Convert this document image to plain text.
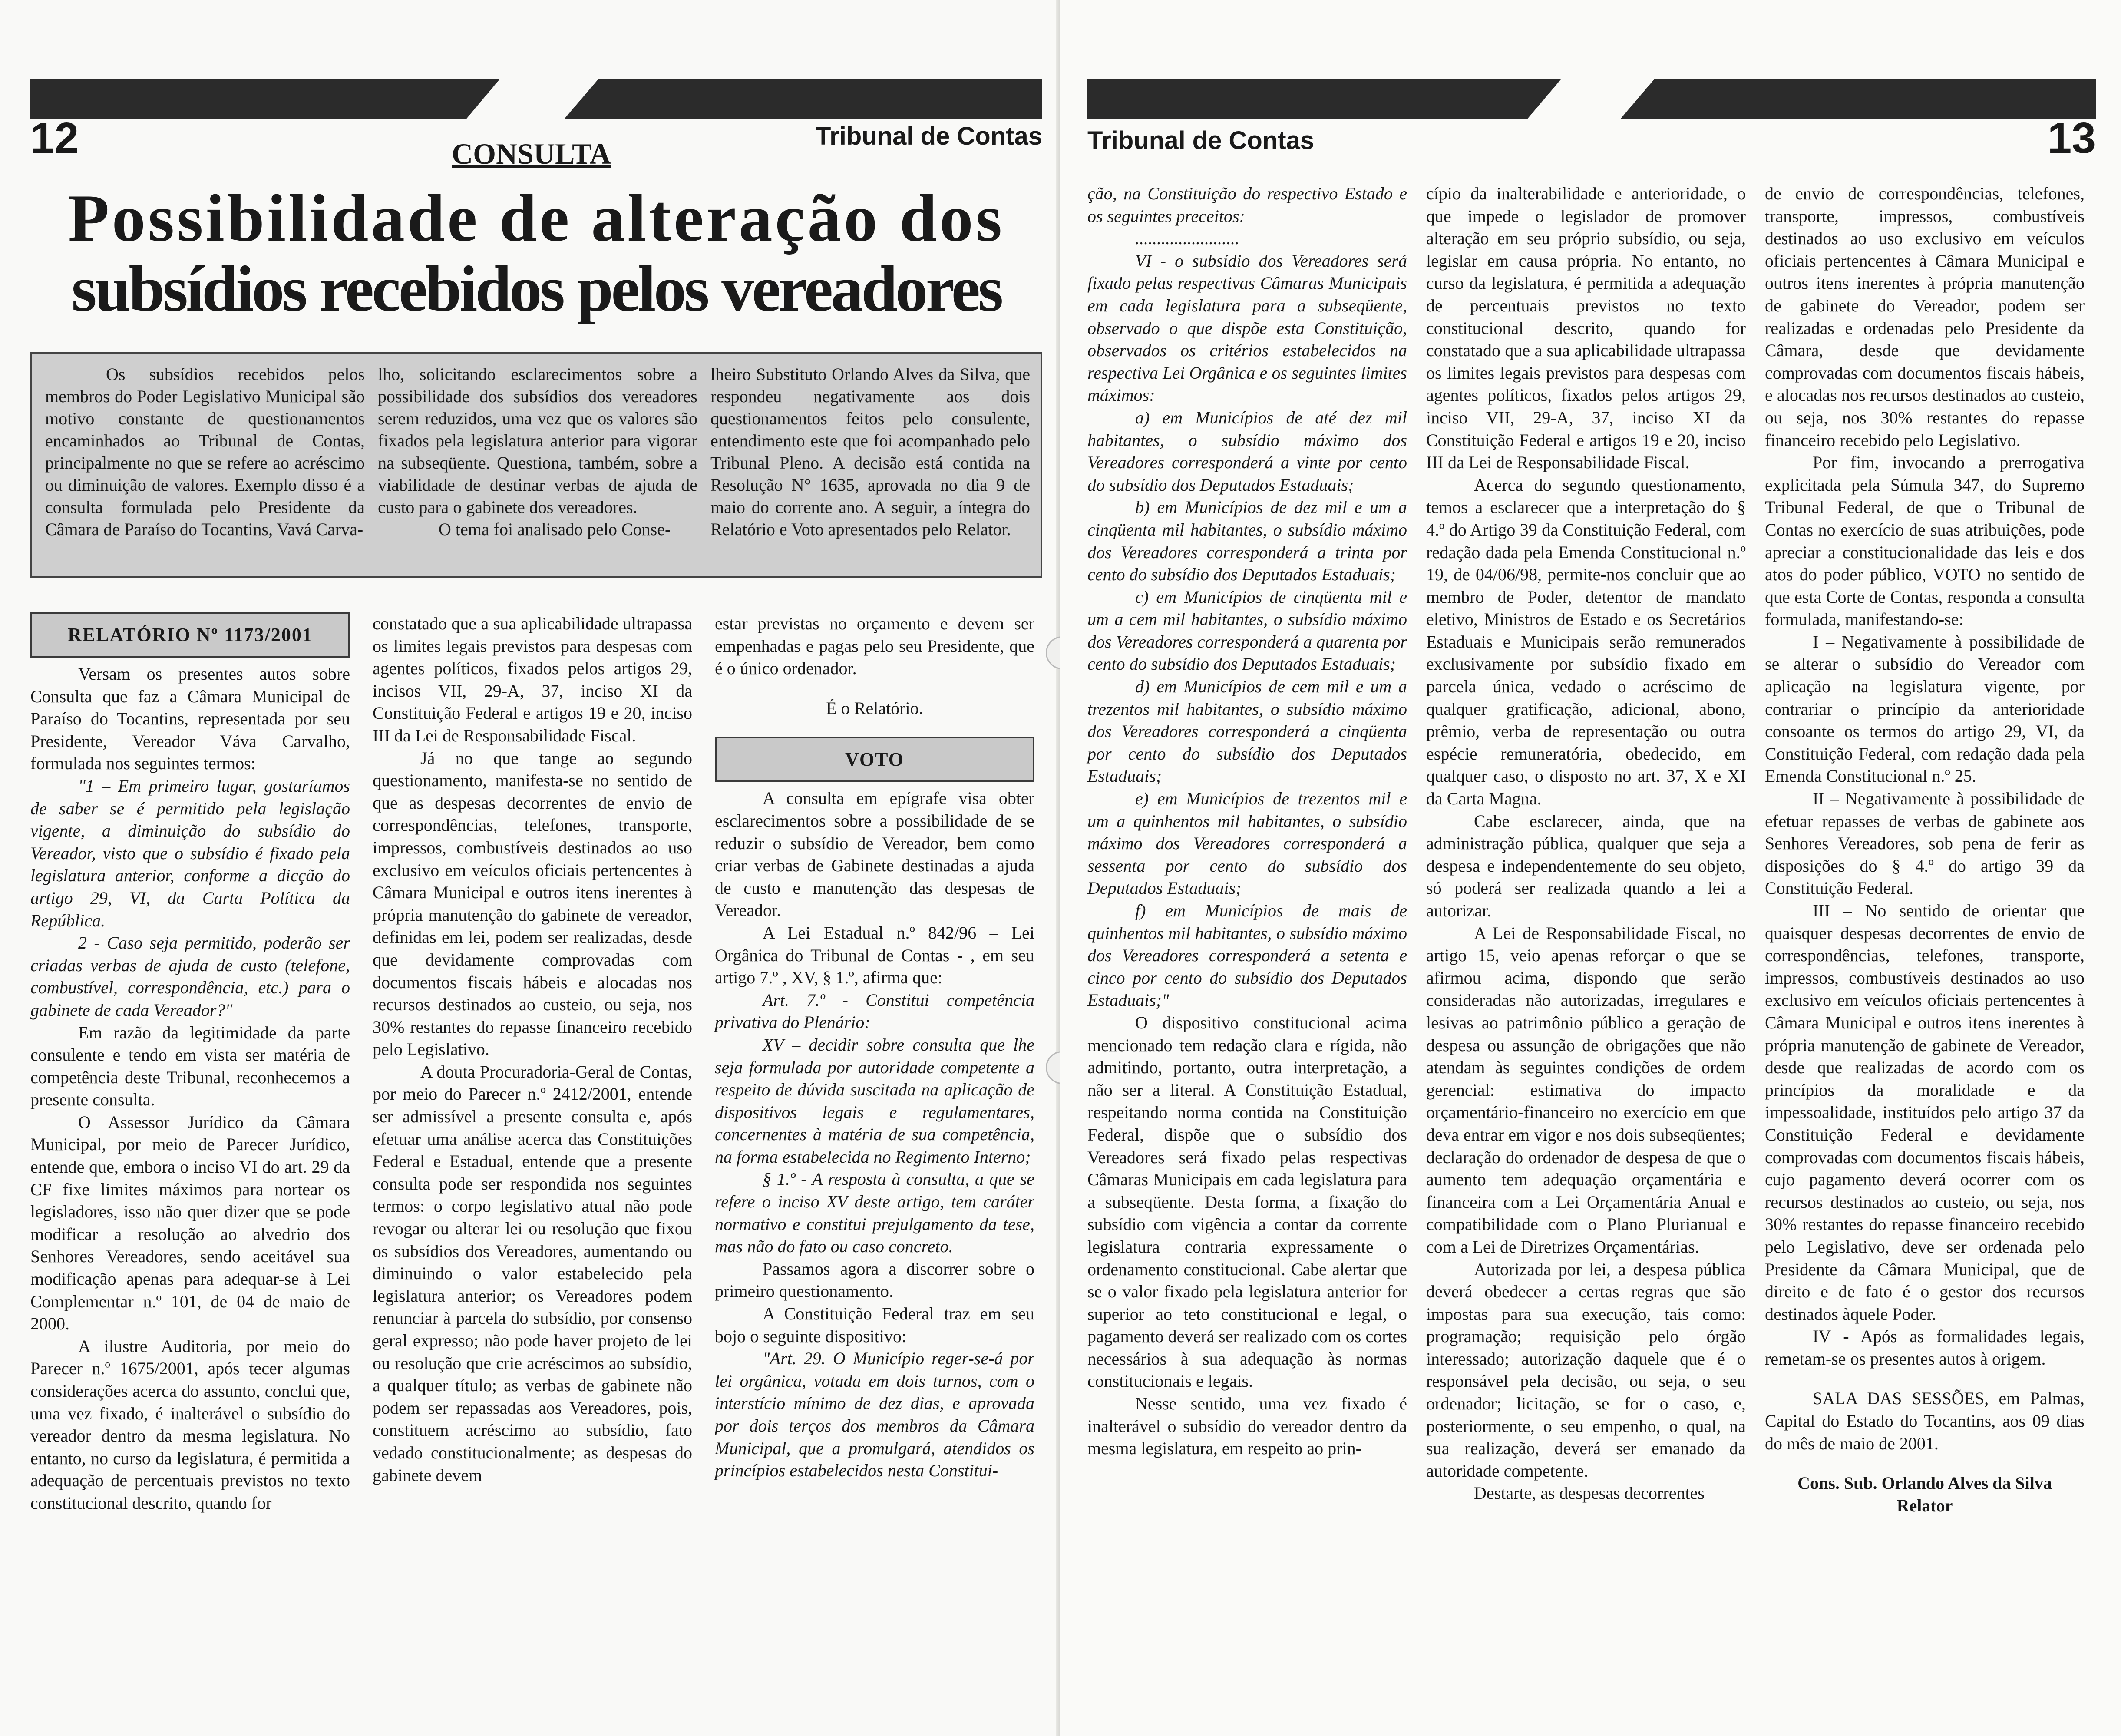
12	Tribunal de Contas
CONSULTA
Possibilidade de alteração dos
subsídios recebidos pelos vereadores
Os subsídios recebidos pelos membros do Poder Legislativo Municipal são motivo constante de questionamentos encaminhados ao Tribunal de Contas, principalmente no que se refere ao acréscimo ou diminuição de valores. Exemplo disso é a consulta formulada pelo Presidente da Câmara de Paraíso do Tocantins, Vavá Carva-
lho, solicitando esclarecimentos sobre a possibilidade dos subsídios dos vereadores serem reduzidos, uma vez que os valores são fixados pela legislatura anterior para vigorar na subseqüente. Questiona, também, sobre a viabilidade de destinar verbas de ajuda de custo para o gabinete dos vereadores.
O tema foi analisado pelo Conse-
lheiro Substituto Orlando Alves da Silva, que respondeu negativamente aos dois questionamentos feitos pelo consulente, entendimento este que foi acompanhado pelo Tribunal Pleno. A decisão está contida na Resolução N° 1635, aprovada no dia 9 de maio do corrente ano. A seguir, a íntegra do Relatório e Voto apresentados pelo Relator.
RELATÓRIO Nº 1173/2001

Versam os presentes autos sobre Consulta que faz a Câmara Municipal de Paraíso do Tocantins, representada por seu Presidente, Vereador Váva Carvalho, formulada nos seguintes termos:

"1 – Em primeiro lugar, gostaríamos de saber se é permitido pela legislação vigente, a diminuição do subsídio do Vereador, visto que o subsídio é fixado pela legislatura anterior, conforme a dicção do artigo 29, VI, da Carta Política da República.

2 - Caso seja permitido, poderão ser criadas verbas de ajuda de custo (telefone, combustível, correspondência, etc.) para o gabinete de cada Vereador?"

Em razão da legitimidade da parte consulente e tendo em vista ser matéria de competência deste Tribunal, reconhecemos a presente consulta.

O Assessor Jurídico da Câmara Municipal, por meio de Parecer Jurídico, entende que, embora o inciso VI do art. 29 da CF fixe limites máximos para nortear os legisladores, isso não quer dizer que se pode modificar a resolução ao alvedrio dos Senhores Vereadores, sendo aceitável sua modificação apenas para adequar-se à Lei Complementar n.º 101, de 04 de maio de 2000.

A ilustre Auditoria, por meio do Parecer n.º 1675/2001, após tecer algumas considerações acerca do assunto, conclui que, uma vez fixado, é inalterável o subsídio do vereador dentro da mesma legislatura. No entanto, no curso da legislatura, é permitida a adequação de percentuais previstos no texto constitucional descrito, quando for

constatado que a sua aplicabilidade ultrapassa os limites legais previstos para despesas com agentes políticos, fixados pelos artigos 29, incisos VII, 29-A, 37, inciso XI da Constituição Federal e artigos 19 e 20, inciso III da Lei de Responsabilidade Fiscal.

Já no que tange ao segundo questionamento, manifesta-se no sentido de que as despesas decorrentes de envio de correspondências, telefones, transporte, impressos, combustíveis destinados ao uso exclusivo em veículos oficiais pertencentes à Câmara Municipal e outros itens inerentes à própria manutenção do gabinete de vereador, definidas em lei, podem ser realizadas, desde que devidamente comprovadas com documentos fiscais hábeis e alocadas nos recursos destinados ao custeio, ou seja, nos 30% restantes do repasse financeiro recebido pelo Legislativo.

A douta Procuradoria-Geral de Contas, por meio do Parecer n.º 2412/2001, entende ser admissível a presente consulta e, após efetuar uma análise acerca das Constituições Federal e Estadual, entende que a presente consulta pode ser respondida nos seguintes termos: o corpo legislativo atual não pode revogar ou alterar lei ou resolução que fixou os subsídios dos Vereadores, aumentando ou diminuindo o valor estabelecido pela legislatura anterior; os Vereadores podem renunciar à parcela do subsídio, por consenso geral expresso; não pode haver projeto de lei ou resolução que crie acréscimos ao subsídio, a qualquer título; as verbas de gabinete não podem ser repassadas aos Vereadores, pois, constituem acréscimo ao subsídio, fato vedado constitucionalmente; as despesas do gabinete devem

estar previstas no orçamento e devem ser empenhadas e pagas pelo seu Presidente, que é o único ordenador.

É o Relatório.

VOTO

A consulta em epígrafe visa obter esclarecimentos sobre a possibilidade de se reduzir o subsídio de Vereador, bem como criar verbas de Gabinete destinadas a ajuda de custo e manutenção das despesas de Vereador.

A Lei Estadual n.º 842/96 – Lei Orgânica do Tribunal de Contas - , em seu artigo 7.º , XV, § 1.º, afirma que:

Art. 7.º - Constitui competência privativa do Plenário:

XV – decidir sobre consulta que lhe seja formulada por autoridade competente a respeito de dúvida suscitada na aplicação de dispositivos legais e regulamentares, concernentes à matéria de sua competência, na forma estabelecida no Regimento Interno;

§ 1.º - A resposta à consulta, a que se refere o inciso XV deste artigo, tem caráter normativo e constitui prejulgamento da tese, mas não do fato ou caso concreto.

Passamos agora a discorrer sobre o primeiro questionamento.

A Constituição Federal traz em seu bojo o seguinte dispositivo:

"Art. 29. O Município reger-se-á por lei orgânica, votada em dois turnos, com o interstício mínimo de dez dias, e aprovada por dois terços dos membros da Câmara Municipal, que a promulgará, atendidos os princípios estabelecidos nesta Constitui-

Tribunal de Contas	13

ção, na Constituição do respectivo Estado e os seguintes preceitos:

........................

VI - o subsídio dos Vereadores será fixado pelas respectivas Câmaras Municipais em cada legislatura para a subseqüente, observado o que dispõe esta Constituição, observados os critérios estabelecidos na respectiva Lei Orgânica e os seguintes limites máximos:

a) em Municípios de até dez mil habitantes, o subsídio máximo dos Vereadores corresponderá a vinte por cento do subsídio dos Deputados Estaduais;

b) em Municípios de dez mil e um a cinqüenta mil habitantes, o subsídio máximo dos Vereadores corresponderá a trinta por cento do subsídio dos Deputados Estaduais;

c) em Municípios de cinqüenta mil e um a cem mil habitantes, o subsídio máximo dos Vereadores corresponderá a quarenta por cento do subsídio dos Deputados Estaduais;

d) em Municípios de cem mil e um a trezentos mil habitantes, o subsídio máximo dos Vereadores corresponderá a cinqüenta por cento do subsídio dos Deputados Estaduais;

e) em Municípios de trezentos mil e um a quinhentos mil habitantes, o subsídio máximo dos Vereadores corresponderá a sessenta por cento do subsídio dos Deputados Estaduais;

f) em Municípios de mais de quinhentos mil habitantes, o subsídio máximo dos Vereadores corresponderá a setenta e cinco por cento do subsídio dos Deputados Estaduais;"

O dispositivo constitucional acima mencionado tem redação clara e rígida, não admitindo, portanto, outra interpretação, a não ser a literal. A Constituição Estadual, respeitando norma contida na Constituição Federal, dispõe que o subsídio dos Vereadores será fixado pelas respectivas Câmaras Municipais em cada legislatura para a subseqüente. Desta forma, a fixação do subsídio com vigência a contar da corrente legislatura contraria expressamente o ordenamento constitucional. Cabe alertar que se o valor fixado pela legislatura anterior for superior ao teto constitucional e legal, o pagamento deverá ser realizado com os cortes necessários à sua adequação às normas constitucionais e legais.

Nesse sentido, uma vez fixado é inalterável o subsídio do vereador dentro da mesma legislatura, em respeito ao prin-

cípio da inalterabilidade e anterioridade, o que impede o legislador de promover alteração em seu próprio subsídio, ou seja, legislar em causa própria. No entanto, no curso da legislatura, é permitida a adequação de percentuais previstos no texto constitucional descrito, quando for constatado que a sua aplicabilidade ultrapassa os limites legais previstos para despesas com agentes políticos, fixados pelos artigos 29, inciso VII, 29-A, 37, inciso XI da Constituição Federal e artigos 19 e 20, inciso III da Lei de Responsabilidade Fiscal.

Acerca do segundo questionamento, temos a esclarecer que a interpretação do § 4.º do Artigo 39 da Constituição Federal, com redação dada pela Emenda Constitucional n.º 19, de 04/06/98, permite-nos concluir que ao membro de Poder, detentor de mandato eletivo, Ministros de Estado e os Secretários Estaduais e Municipais serão remunerados exclusivamente por subsídio fixado em parcela única, vedado o acréscimo de qualquer gratificação, adicional, abono, prêmio, verba de representação ou outra espécie remuneratória, obedecido, em qualquer caso, o disposto no art. 37, X e XI da Carta Magna.

Cabe esclarecer, ainda, que na administração pública, qualquer que seja a despesa e independentemente do seu objeto, só poderá ser realizada quando a lei a autorizar.

A Lei de Responsabilidade Fiscal, no artigo 15, veio apenas reforçar o que se afirmou acima, dispondo que serão consideradas não autorizadas, irregulares e lesivas ao patrimônio público a geração de despesa ou assunção de obrigações que não atendam às seguintes condições de ordem gerencial: estimativa do impacto orçamentário-financeiro no exercício em que deva entrar em vigor e nos dois subseqüentes; declaração do ordenador de despesa de que o aumento tem adequação orçamentária e financeira com a Lei Orçamentária Anual e compatibilidade com o Plano Plurianual e com a Lei de Diretrizes Orçamentárias.

Autorizada por lei, a despesa pública deverá obedecer a certas regras que são impostas para sua execução, tais como: programação; requisição pelo órgão interessado; autorização daquele que é o responsável pela decisão, ou seja, o seu ordenador; licitação, se for o caso, e, posteriormente, o seu empenho, o qual, na sua realização, deverá ser emanado da autoridade competente.

Destarte, as despesas decorrentes

de envio de correspondências, telefones, transporte, impressos, combustíveis destinados ao uso exclusivo em veículos oficiais pertencentes à Câmara Municipal e outros itens inerentes à própria manutenção de gabinete do Vereador, podem ser realizadas e ordenadas pelo Presidente da Câmara, desde que devidamente comprovadas com documentos fiscais hábeis, e alocadas nos recursos destinados ao custeio, ou seja, nos 30% restantes do repasse financeiro recebido pelo Legislativo.

Por fim, invocando a prerrogativa explicitada pela Súmula 347, do Supremo Tribunal Federal, de que o Tribunal de Contas no exercício de suas atribuições, pode apreciar a constitucionalidade das leis e dos atos do poder público, VOTO no sentido de que esta Corte de Contas, responda a consulta formulada, manifestando-se:

I – Negativamente à possibilidade de se alterar o subsídio do Vereador com aplicação na legislatura vigente, por contrariar o princípio da anterioridade consoante os termos do artigo 29, VI, da Constituição Federal, com redação dada pela Emenda Constitucional n.º 25.

II – Negativamente à possibilidade de efetuar repasses de verbas de gabinete aos Senhores Vereadores, sob pena de ferir as disposições do § 4.º do artigo 39 da Constituição Federal.

III – No sentido de orientar que quaisquer despesas decorrentes de envio de correspondências, telefones, transporte, impressos, combustíveis destinados ao uso exclusivo em veículos oficiais pertencentes à Câmara Municipal e outros itens inerentes à própria manutenção de gabinete de Vereador, desde que realizadas de acordo com os princípios da moralidade e da impessoalidade, instituídos pelo artigo 37 da Constituição Federal e devidamente comprovadas com documentos fiscais hábeis, cujo pagamento deverá ocorrer com os recursos destinados ao custeio, ou seja, nos 30% restantes do repasse financeiro recebido pelo Legislativo, deve ser ordenada pelo Presidente da Câmara Municipal, que de direito e de fato é o gestor dos recursos destinados àquele Poder.

IV - Após as formalidades legais, remetam-se os presentes autos à origem.

SALA DAS SESSÕES, em Palmas, Capital do Estado do Tocantins, aos 09 dias do mês de maio de 2001.

Cons. Sub. Orlando Alves da Silva

Relator
